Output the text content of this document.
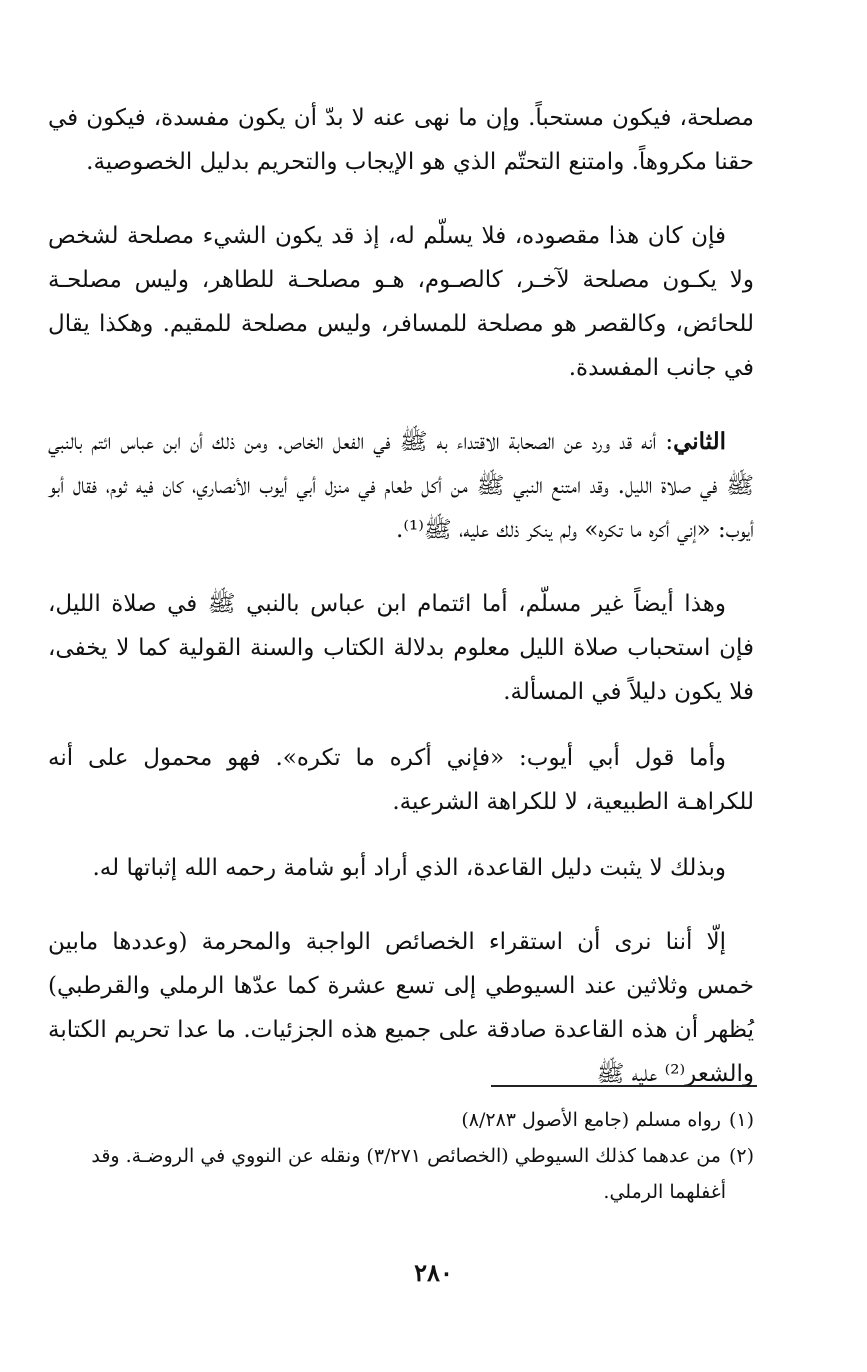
مصلحة، فيكون مستحباً. وإن ما نهى عنه لا بدّ أن يكون مفسدة، فيكون في حقنا مكروهاً. وامتنع التحتّم الذي هو الإيجاب والتحريم بدليل الخصوصية.

فإن كان هذا مقصوده، فلا يسلّم له، إذ قد يكون الشيء مصلحة لشخص ولا يكـون مصلحة لآخـر، كالصـوم، هـو مصلحـة للطاهر، وليس مصلحـة للحائض، وكالقصر هو مصلحة للمسافر، وليس مصلحة للمقيم. وهكذا يقال في جانب المفسدة.

الثاني: أنه قد ورد عن الصحابة الاقتداء به ﷺ في الفعل الخاص. ومن ذلك أن ابن عباس ائتم بالنبي ﷺ في صلاة الليل. وقد امتنع النبي ﷺ من أكل طعام في منزل أبي أيوب الأنصاري، كان فيه ثوم، فقال أبو أيوب: «إني أكره ما تكره» ولم ينكر ذلك عليه، ﷺ⁽¹⁾.

وهذا أيضاً غير مسلّم، أما ائتمام ابن عباس بالنبي ﷺ في صلاة الليل، فإن استحباب صلاة الليل معلوم بدلالة الكتاب والسنة القولية كما لا يخفى، فلا يكون دليلاً في المسألة.

وأما قول أبي أيوب: «فإني أكره ما تكره». فهو محمول على أنه للكراهـة الطبيعية، لا للكراهة الشرعية.

وبذلك لا يثبت دليل القاعدة، الذي أراد أبو شامة رحمه الله إثباتها له.

إلّا أننا نرى أن استقراء الخصائص الواجبة والمحرمة (وعددها مابين خمس وثلاثين عند السيوطي إلى تسع عشرة كما عدّها الرملي والقرطبي) يُظهر أن هذه القاعدة صادقة على جميع هذه الجزئيات. ما عدا تحريم الكتابة والشعر⁽²⁾ عليه ﷺ

(١)رواه مسلم (جامع الأصول ٨/٢٨٣)

(٢)من عدهما كذلك السيوطي (الخصائص ٣/٢٧١) ونقله عن النووي في الروضـة. وقد

أغفلهما الرملي.

٢٨٠
